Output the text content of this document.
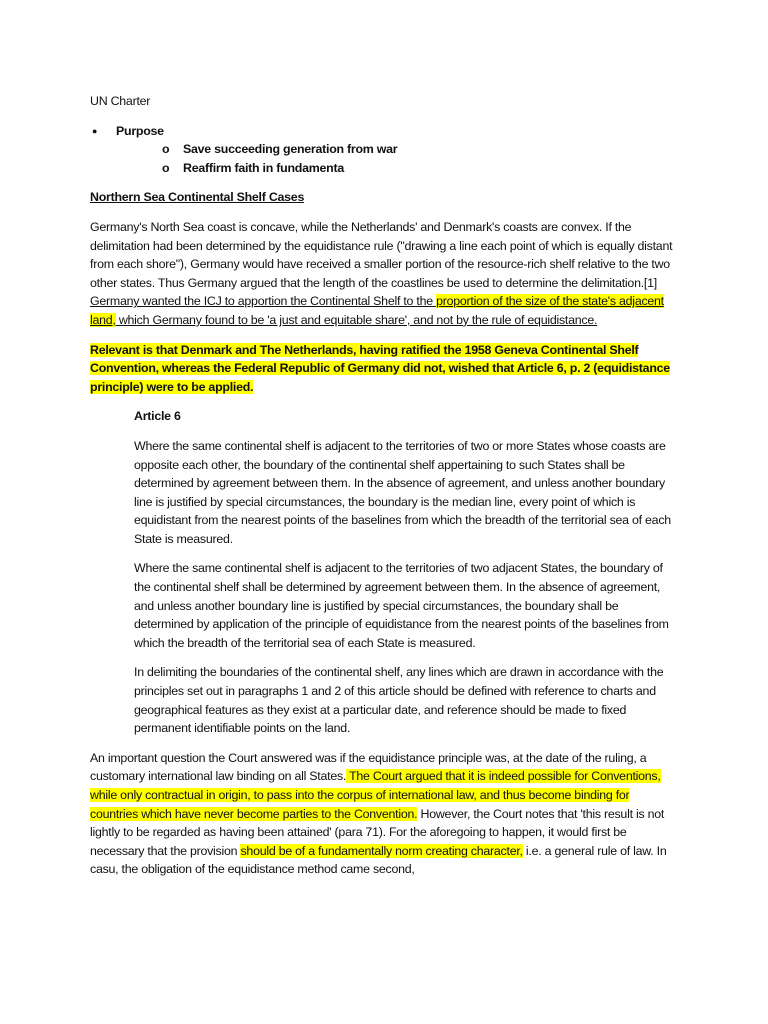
UN Charter
● Purpose
o Save succeeding generation from war
o Reaffirm faith in fundamenta
Northern Sea Continental Shelf Cases

Germany's North Sea coast is concave, while the Netherlands' and Denmark's coasts are convex. If the delimitation had been determined by the equidistance rule ("drawing a line each point of which is equally distant from each shore"), Germany would have received a smaller portion of the resource-rich shelf relative to the two other states. Thus Germany argued that the length of the coastlines be used to determine the delimitation.[1] Germany wanted the ICJ to apportion the Continental Shelf to the proportion of the size of the state's adjacent land, which Germany found to be 'a just and equitable share', and not by the rule of equidistance.

Relevant is that Denmark and The Netherlands, having ratified the 1958 Geneva Continental Shelf Convention, whereas the Federal Republic of Germany did not, wished that Article 6, p. 2 (equidistance principle) were to be applied.

Article 6

Where the same continental shelf is adjacent to the territories of two or more States whose coasts are opposite each other, the boundary of the continental shelf appertaining to such States shall be determined by agreement between them. In the absence of agreement, and unless another boundary line is justified by special circumstances, the boundary is the median line, every point of which is equidistant from the nearest points of the baselines from which the breadth of the territorial sea of each State is measured.

Where the same continental shelf is adjacent to the territories of two adjacent States, the boundary of the continental shelf shall be determined by agreement between them. In the absence of agreement, and unless another boundary line is justified by special circumstances, the boundary shall be determined by application of the principle of equidistance from the nearest points of the baselines from which the breadth of the territorial sea of each State is measured.

In delimiting the boundaries of the continental shelf, any lines which are drawn in accordance with the principles set out in paragraphs 1 and 2 of this article should be defined with reference to charts and geographical features as they exist at a particular date, and reference should be made to fixed permanent identifiable points on the land.

An important question the Court answered was if the equidistance principle was, at the date of the ruling, a customary international law binding on all States. The Court argued that it is indeed possible for Conventions, while only contractual in origin, to pass into the corpus of international law, and thus become binding for countries which have never become parties to the Convention. However, the Court notes that 'this result is not lightly to be regarded as having been attained' (para 71). For the aforegoing to happen, it would first be necessary that the provision should be of a fundamentally norm creating character, i.e. a general rule of law. In casu, the obligation of the equidistance method came second,
